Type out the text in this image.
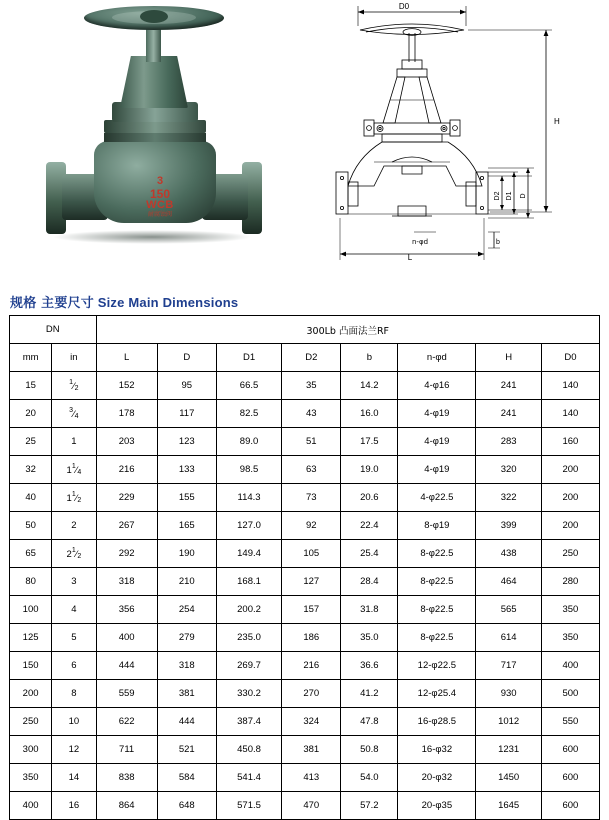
3
150
WCB
耐腐蚀阀
D0
H
D2 D1 D
L
b
n-φd
规格 主要尺寸 Size Main Dimensions
DN		300Lb 凸面法兰RF							
mm	in	L	D	D1	D2	b	n-φd	H	D0
15	$^1⁄_2$	152	95	66.5	35	14.2	4-φ16	241	140
20	$^3⁄_4$	178	117	82.5	43	16.0	4-φ19	241	140
25	1	203	123	89.0	51	17.5	4-φ19	283	160
32	$1^1⁄_4$	216	133	98.5	63	19.0	4-φ19	320	200
40	$1^1⁄_2$	229	155	114.3	73	20.6	4-φ22.5	322	200
50	2	267	165	127.0	92	22.4	8-φ19	399	200
65	$2^1⁄_2$	292	190	149.4	105	25.4	8-φ22.5	438	250
80	3	318	210	168.1	127	28.4	8-φ22.5	464	280
100	4	356	254	200.2	157	31.8	8-φ22.5	565	350
125	5	400	279	235.0	186	35.0	8-φ22.5	614	350
150	6	444	318	269.7	216	36.6	12-φ22.5	717	400
200	8	559	381	330.2	270	41.2	12-φ25.4	930	500
250	10	622	444	387.4	324	47.8	16-φ28.5	1012	550
300	12	711	521	450.8	381	50.8	16-φ32	1231	600
350	14	838	584	541.4	413	54.0	20-φ32	1450	600
400	16	864	648	571.5	470	57.2	20-φ35	1645	600
